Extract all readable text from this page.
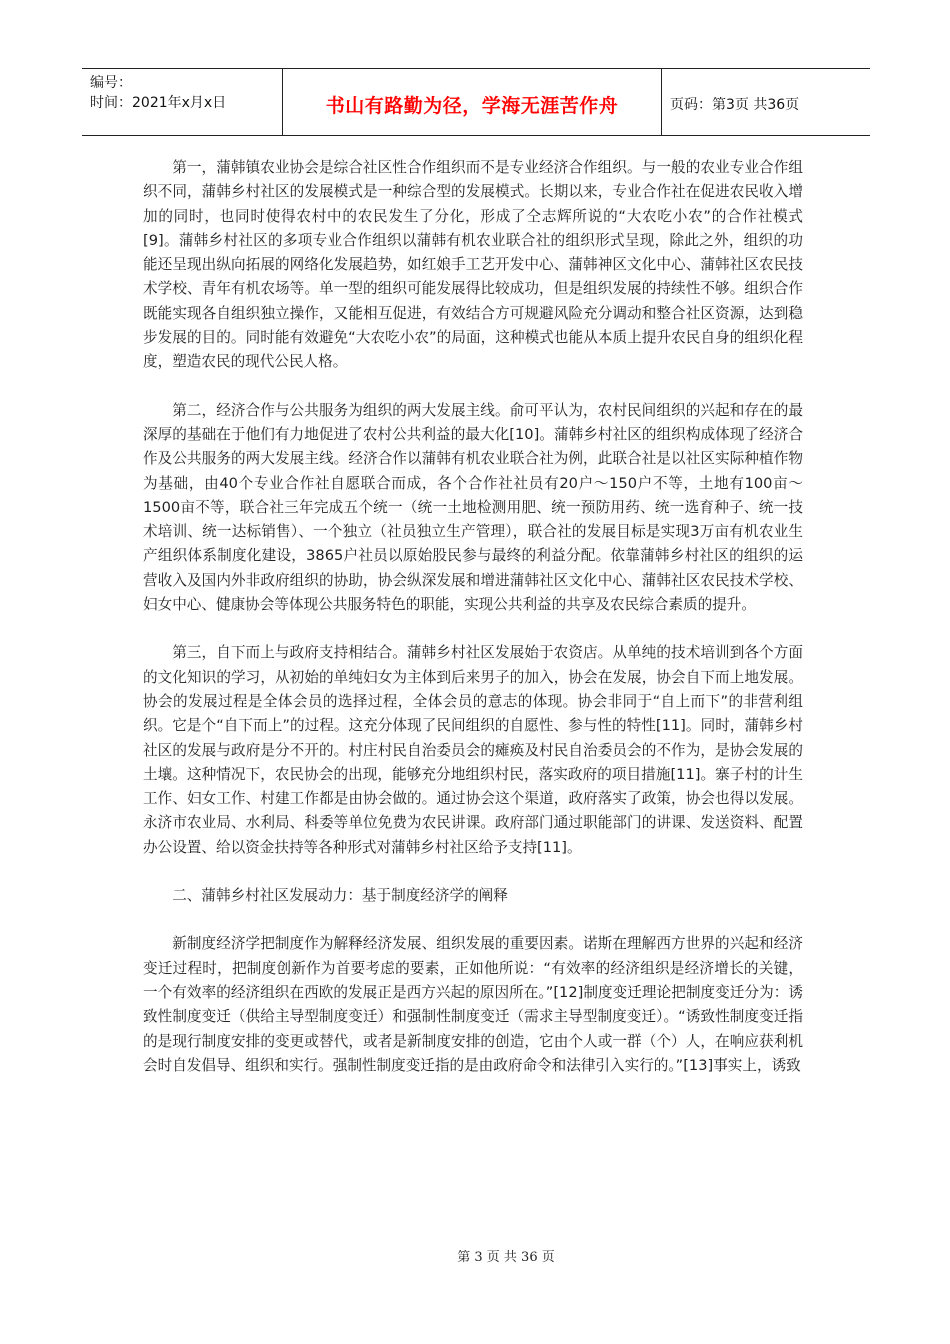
编号：
时间：2021年x月x日	书山有路勤为径，学海无涯苦作舟	页码：第3页 共36页

第一，蒲韩镇农业协会是综合社区性合作组织而不是专业经济合作组织。与一般的农业专业合作组织不同，蒲韩乡村社区的发展模式是一种综合型的发展模式。长期以来，专业合作社在促进农民收入增加的同时，也同时使得农村中的农民发生了分化，形成了仝志辉所说的“大农吃小农”的合作社模式[9]。蒲韩乡村社区的多项专业合作组织以蒲韩有机农业联合社的组织形式呈现，除此之外，组织的功能还呈现出纵向拓展的网络化发展趋势，如红娘手工艺开发中心、蒲韩神区文化中心、蒲韩社区农民技术学校、青年有机农场等。单一型的组织可能发展得比较成功，但是组织发展的持续性不够。组织合作既能实现各自组织独立操作，又能相互促进，有效结合方可规避风险充分调动和整合社区资源，达到稳步发展的目的。同时能有效避免“大农吃小农”的局面，这种模式也能从本质上提升农民自身的组织化程度，塑造农民的现代公民人格。

第二，经济合作与公共服务为组织的两大发展主线。俞可平认为，农村民间组织的兴起和存在的最深厚的基础在于他们有力地促进了农村公共利益的最大化[10]。蒲韩乡村社区的组织构成体现了经济合作及公共服务的两大发展主线。经济合作以蒲韩有机农业联合社为例，此联合社是以社区实际种植作物为基础，由40个专业合作社自愿联合而成，各个合作社社员有20户～150户不等，土地有100亩～1500亩不等，联合社三年完成五个统一（统一土地检测用肥、统一预防用药、统一选育种子、统一技术培训、统一达标销售）、一个独立（社员独立生产管理），联合社的发展目标是实现3万亩有机农业生产组织体系制度化建设，3865户社员以原始股民参与最终的利益分配。依靠蒲韩乡村社区的组织的运营收入及国内外非政府组织的协助，协会纵深发展和增进蒲韩社区文化中心、蒲韩社区农民技术学校、妇女中心、健康协会等体现公共服务特色的职能，实现公共利益的共享及农民综合素质的提升。

第三，自下而上与政府支持相结合。蒲韩乡村社区发展始于农资店。从单纯的技术培训到各个方面的文化知识的学习，从初始的单纯妇女为主体到后来男子的加入，协会在发展，协会自下而上地发展。协会的发展过程是全体会员的选择过程，全体会员的意志的体现。协会非同于“自上而下”的非营利组织。它是个“自下而上”的过程。这充分体现了民间组织的自愿性、参与性的特性[11]。同时，蒲韩乡村社区的发展与政府是分不开的。村庄村民自治委员会的瘫痪及村民自治委员会的不作为，是协会发展的土壤。这种情况下，农民协会的出现，能够充分地组织村民，落实政府的项目措施[11]。寨子村的计生工作、妇女工作、村建工作都是由协会做的。通过协会这个渠道，政府落实了政策，协会也得以发展。永济市农业局、水利局、科委等单位免费为农民讲课。政府部门通过职能部门的讲课、发送资料、配置办公设置、给以资金扶持等各种形式对蒲韩乡村社区给予支持[11]。

二、蒲韩乡村社区发展动力：基于制度经济学的阐释

新制度经济学把制度作为解释经济发展、组织发展的重要因素。诺斯在理解西方世界的兴起和经济变迁过程时，把制度创新作为首要考虑的要素，正如他所说：“有效率的经济组织是经济增长的关键，一个有效率的经济组织在西欧的发展正是西方兴起的原因所在。”[12]制度变迁理论把制度变迁分为：诱致性制度变迁（供给主导型制度变迁）和强制性制度变迁（需求主导型制度变迁）。“诱致性制度变迁指的是现行制度安排的变更或替代，或者是新制度安排的创造，它由个人或一群（个）人，在响应获利机会时自发倡导、组织和实行。强制性制度变迁指的是由政府命令和法律引入实行的。”[13]事实上，诱致

第 3 页 共 36 页
